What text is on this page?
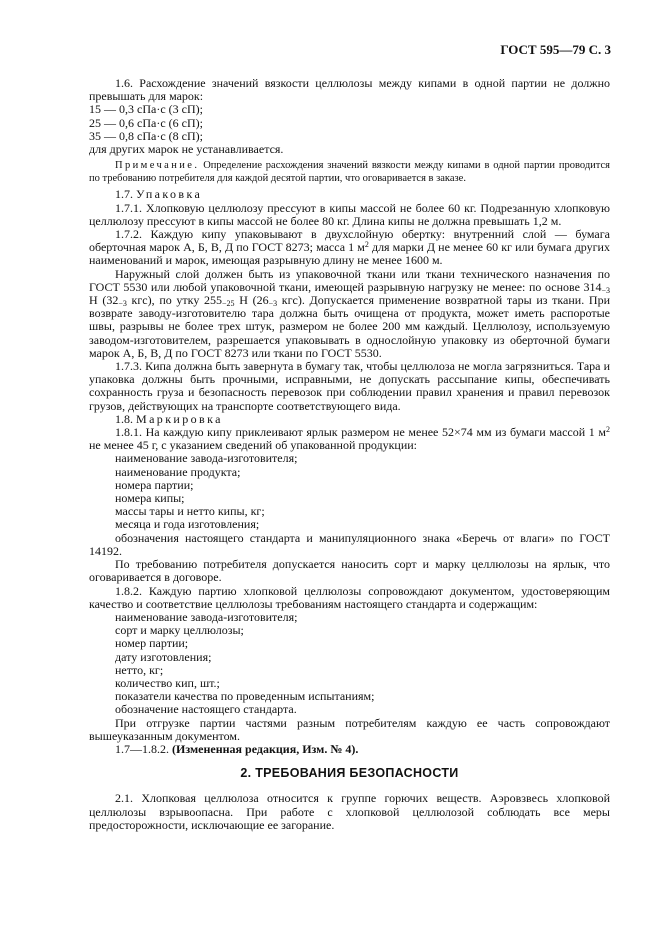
ГОСТ 595—79 С. 3

1.6. Расхождение значений вязкости целлюлозы между кипами в одной партии не должно превышать для марок:

15 — 0,3 сПа·с (3 сП);

25 — 0,6 сПа·с (6 сП);

35 — 0,8 сПа·с (8 сП);

для других марок не устанавливается.

Примечание. Определение расхождения значений вязкости между кипами в одной партии проводится по требованию потребителя для каждой десятой партии, что оговаривается в заказе.

1.7. Упаковка

1.7.1. Хлопковую целлюлозу прессуют в кипы массой не более 60 кг. Подрезанную хлопковую целлюлозу прессуют в кипы массой не более 80 кг. Длина кипы не должна превышать 1,2 м.

1.7.2. Каждую кипу упаковывают в двухслойную обертку: внутренний слой — бумага оберточная марок А, Б, В, Д по ГОСТ 8273; масса 1 $м^2$ для марки Д не менее 60 кг или бумага других наименований и марок, имеющая разрывную длину не менее 1600 м.

Наружный слой должен быть из упаковочной ткани или ткани технического назначения по ГОСТ 5530 или любой упаковочной ткани, имеющей разрывную нагрузку не менее: по основе $314_{-3}$ Н ($32_{-3}$ кгс), по утку $255_{-25}$ Н ($26_{-3}$ кгс). Допускается применение возвратной тары из ткани. При возврате заводу-изготовителю тара должна быть очищена от продукта, может иметь распоротые швы, разрывы не более трех штук, размером не более 200 мм каждый. Целлюлозу, используемую заводом-изготовителем, разрешается упаковывать в однослойную упаковку из оберточной бумаги марок А, Б, В, Д по ГОСТ 8273 или ткани по ГОСТ 5530.

1.7.3. Кипа должна быть завернута в бумагу так, чтобы целлюлоза не могла загрязниться. Тара и упаковка должны быть прочными, исправными, не допускать рассыпание кипы, обеспечивать сохранность груза и безопасность перевозок при соблюдении правил хранения и правил перевозок грузов, действующих на транспорте соответствующего вида.

1.8. Маркировка

1.8.1. На каждую кипу приклеивают ярлык размером не менее 52×74 мм из бумаги массой 1 $м^2$ не менее 45 г, с указанием сведений об упакованной продукции:

наименование завода-изготовителя;

наименование продукта;

номера партии;

номера кипы;

массы тары и нетто кипы, кг;

месяца и года изготовления;

обозначения настоящего стандарта и манипуляционного знака «Беречь от влаги» по ГОСТ 14192.

По требованию потребителя допускается наносить сорт и марку целлюлозы на ярлык, что оговаривается в договоре.

1.8.2. Каждую партию хлопковой целлюлозы сопровождают документом, удостоверяющим качество и соответствие целлюлозы требованиям настоящего стандарта и содержащим:

наименование завода-изготовителя;

сорт и марку целлюлозы;

номер партии;

дату изготовления;

нетто, кг;

количество кип, шт.;

показатели качества по проведенным испытаниям;

обозначение настоящего стандарта.

При отгрузке партии частями разным потребителям каждую ее часть сопровождают вышеуказанным документом.

1.7—1.8.2. (Измененная редакция, Изм. № 4).

2. ТРЕБОВАНИЯ БЕЗОПАСНОСТИ

2.1. Хлопковая целлюлоза относится к группе горючих веществ. Аэровзвесь хлопковой целлюлозы взрывоопасна. При работе с хлопковой целлюлозой соблюдать все меры предосторожности, исключающие ее загорание.
